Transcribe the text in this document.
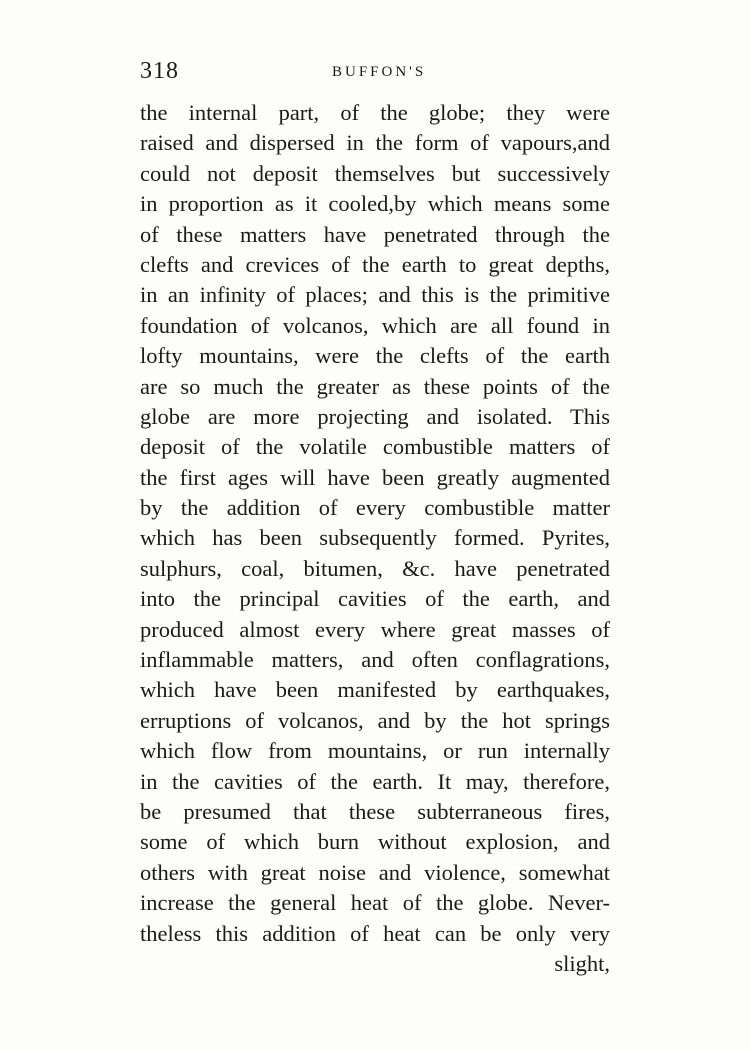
318	BUFFON'S
the internal part, of the globe; they were
raised and dispersed in the form of vapours,and
could not deposit themselves but successively
in proportion as it cooled,by which means some
of these matters have penetrated through the
clefts and crevices of the earth to great depths,
in an infinity of places; and this is the primitive
foundation of volcanos, which are all found in
lofty mountains, were the clefts of the earth
are so much the greater as these points of the
globe are more projecting and isolated. This
deposit of the volatile combustible matters of
the first ages will have been greatly augmented
by the addition of every combustible matter
which has been subsequently formed. Pyrites,
sulphurs, coal, bitumen, &c. have penetrated
into the principal cavities of the earth, and
produced almost every where great masses of
inflammable matters, and often conflagrations,
which have been manifested by earthquakes,
erruptions of volcanos, and by the hot springs
which flow from mountains, or run internally
in the cavities of the earth. It may, therefore,
be presumed that these subterraneous fires,
some of which burn without explosion, and
others with great noise and violence, somewhat
increase the general heat of the globe. Never-
theless this addition of heat can be only very
slight,
